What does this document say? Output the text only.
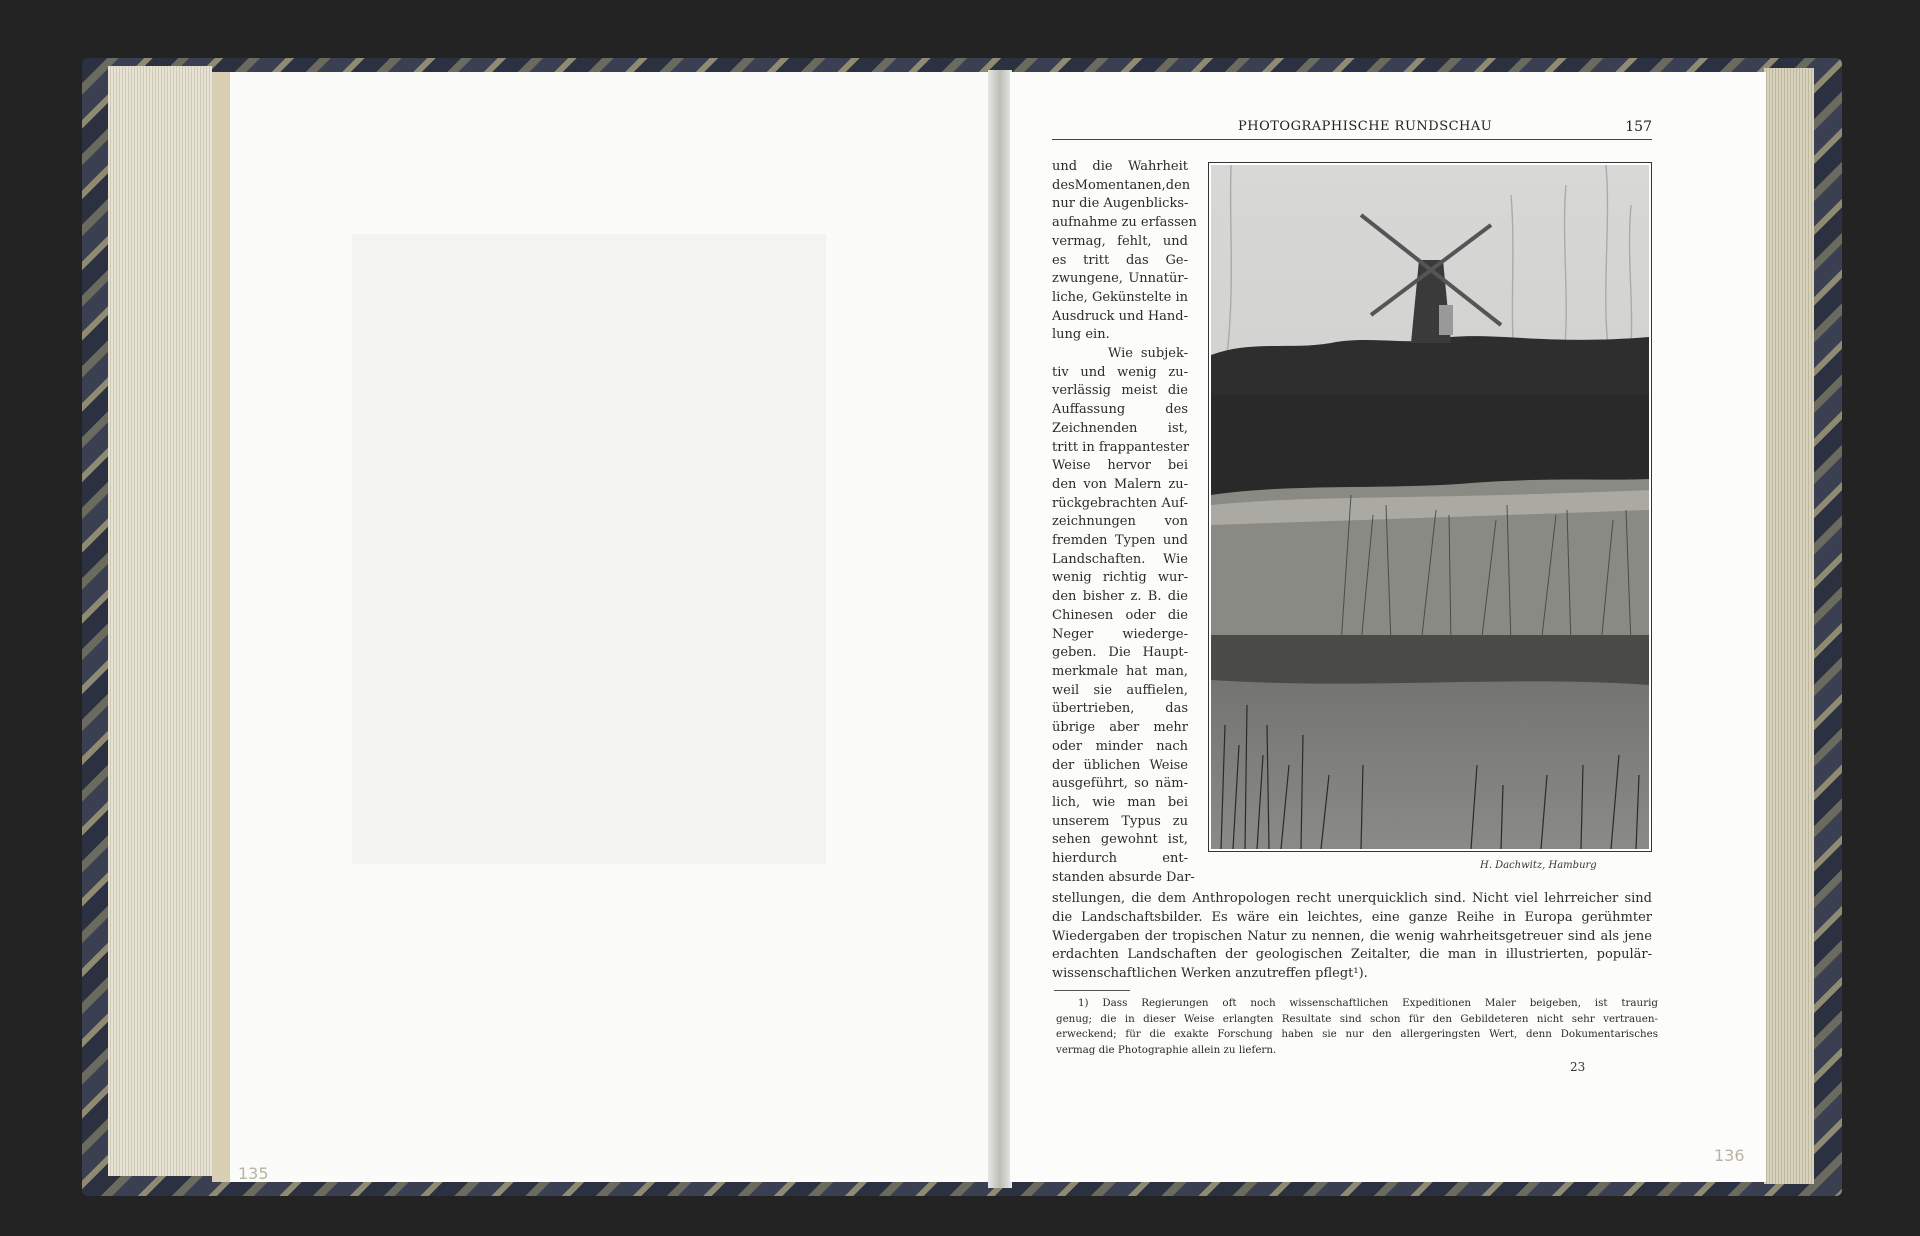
PHOTOGRAPHISCHE RUNDSCHAU	157
und die Wahrheit
desMomentanen,den
nur die Augenblicks-
aufnahme zu erfassen
vermag, fehlt, und
es tritt das Ge-
zwungene, Unnatür-
liche, Gekünstelte in
Ausdruck und Hand-
lung ein.
Wie subjek-
tiv und wenig zu-
verlässig meist die
Auffassung des
Zeichnenden ist,
tritt in frappantester
Weise hervor bei
den von Malern zu-
rückgebrachten Auf-
zeichnungen von
fremden Typen und
Landschaften. Wie
wenig richtig wur-
den bisher z. B. die
Chinesen oder die
Neger wiederge-
geben. Die Haupt-
merkmale hat man,
weil sie auffielen,
übertrieben, das
übrige aber mehr
oder minder nach
der üblichen Weise
ausgeführt, so näm-
lich, wie man bei
unserem Typus zu
sehen gewohnt ist,
hierdurch ent-
standen absurde Dar-
H. Dachwitz, Hamburg
stellungen, die dem Anthropologen recht unerquicklich sind. Nicht viel lehrreicher sind
die Landschaftsbilder. Es wäre ein leichtes, eine ganze Reihe in Europa gerühmter
Wiedergaben der tropischen Natur zu nennen, die wenig wahrheitsgetreuer sind als jene
erdachten Landschaften der geologischen Zeitalter, die man in illustrierten, populär-
wissenschaftlichen Werken anzutreffen pflegt¹).
1) Dass Regierungen oft noch wissenschaftlichen Expeditionen Maler beigeben, ist traurig
genug; die in dieser Weise erlangten Resultate sind schon für den Gebildeteren nicht sehr vertrauen-
erweckend; für die exakte Forschung haben sie nur den allergeringsten Wert, denn Dokumentarisches
vermag die Photographie allein zu liefern.
23
135
136
